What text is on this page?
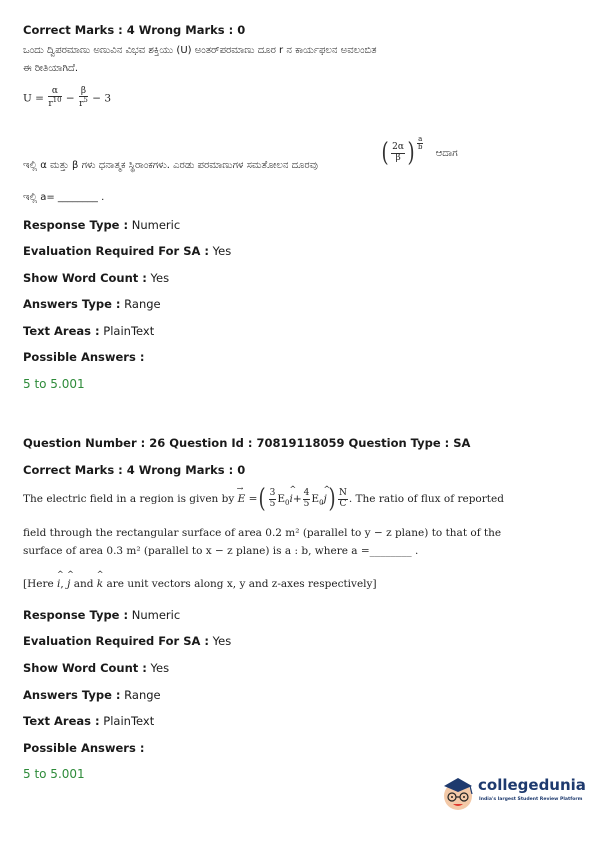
Correct Marks : 4 Wrong Marks : 0
ಒಂದು ದ್ವಿಪರಮಾಣು ಅಣುವಿನ ವಿಭವ ಶಕ್ತಿಯು (U) ಅಂತರ್‌ಪರಮಾಣು ದೂರ r ನ ಕಾರ್ಯಫಲನ ಅವಲಂಬಿತ
ಈ ರೀತಿಯಾಗಿದೆ.
$U = \frac{\alpha}{r^{10}} - \frac{\beta}{r^5} - 3$
ಇಲ್ಲಿ α ಮತ್ತು β ಗಳು ಧನಾತ್ಮಕ ಸ್ಥಿರಾಂಕಗಳು. ಎರಡು ಪರಮಾಣುಗಳ ಸಮತೋಲನ ದೂರವು ( $\frac{2\alpha}{\beta}$ ) $\frac{a}{b}$
ಆದಾಗ
ಇಲ್ಲಿ a= ________ .
Response Type : Numeric
Evaluation Required For SA : Yes
Show Word Count : Yes
Answers Type : Range
Text Areas : PlainText
Possible Answers :
5 to 5.001
Question Number : 26 Question Id : 70819118059 Question Type : SA
Correct Marks : 4 Wrong Marks : 0
The electric field in a region is given by → E =( $\frac{3}{5}$ $E_0\^{}$ $i+ \frac{4}{5}$ $E_0\^{}$ $j) \frac{N}{C}$ . The ratio of flux of reported
field through the rectangular surface of area 0.2 m² (parallel to y − z plane) to that of the
surface of area 0.3 m² (parallel to x − z plane) is a : b, where a =________ .
[Here ^ i, ^ j and ^ k are unit vectors along x, y and z-axes respectively]
Response Type : Numeric
Evaluation Required For SA : Yes
Show Word Count : Yes
Answers Type : Range
Text Areas : PlainText
Possible Answers :
5 to 5.001
collegedunia
India's largest Student Review Platform
